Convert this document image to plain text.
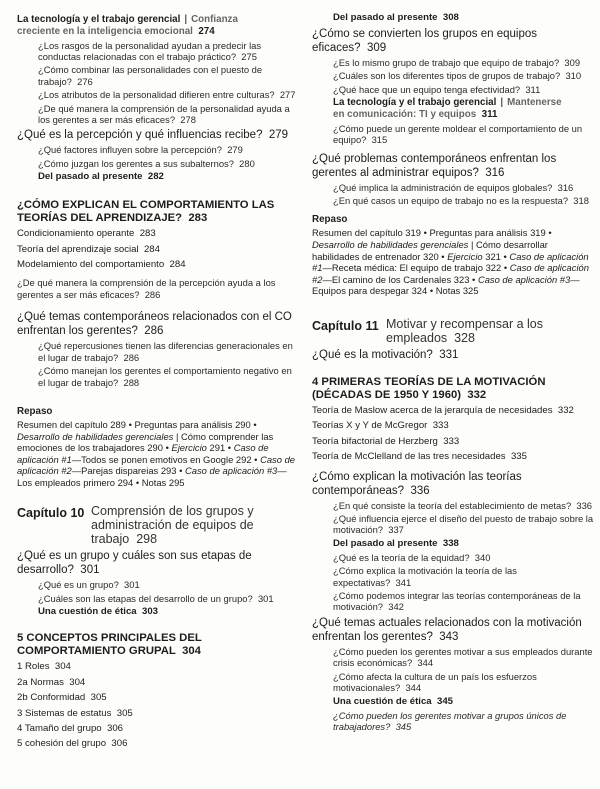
La tecnología y el trabajo gerencial | Confianza
creciente en la inteligencia emocional 274
¿Los rasgos de la personalidad ayudan a predecir las conductas relacionadas con el trabajo práctico? 275
¿Cómo combinar las personalidades con el puesto de trabajo? 276
¿Los atributos de la personalidad difieren entre culturas? 277
¿De qué manera la comprensión de la personalidad ayuda a los gerentes a ser más eficaces? 278
¿Qué es la percepción y qué influencias recibe? 279
¿Qué factores influyen sobre la percepción? 279
¿Cómo juzgan los gerentes a sus subalternos? 280
Del pasado al presente 282
¿CÓMO EXPLICAN EL COMPORTAMIENTO LAS TEORÍAS DEL APRENDIZAJE? 283
Condicionamiento operante 283
Teoría del aprendizaje social 284
Modelamiento del comportamiento 284
¿De qué manera la comprensión de la percepción ayuda a los gerentes a ser más eficaces? 286
¿Qué temas contemporáneos relacionados con el CO enfrentan los gerentes? 286
¿Qué repercusiones tienen las diferencias generacionales en el lugar de trabajo? 286
¿Cómo manejan los gerentes el comportamiento negativo en el lugar de trabajo? 288
Repaso
Resumen del capítulo 289 • Preguntas para análisis 290 • Desarrollo de habilidades gerenciales | Cómo comprender las emociones de los trabajadores 290 • Ejercicio 291 • Caso de aplicación #1—Todos se ponen emotivos en Google 292 • Caso de aplicación #2—Parejas dispareias 293 • Caso de aplicación #3—Los empleados primero 294 • Notas 295
Capítulo 10 Comprensión de los grupos y administración de equipos de trabajo 298
¿Qué es un grupo y cuáles son sus etapas de desarrollo? 301
¿Qué es un grupo? 301
¿Cuáles son las etapas del desarrollo de un grupo? 301
Una cuestión de ética 303
5 CONCEPTOS PRINCIPALES DEL COMPORTAMIENTO GRUPAL 304
1 Roles 304
2a Normas 304
2b Conformidad 305
3 Sistemas de estatus 305
4 Tamaño del grupo 306
5 cohesión del grupo 306
Del pasado al presente 308
¿Cómo se convierten los grupos en equipos eficaces? 309
¿Es lo mismo grupo de trabajo que equipo de trabajo? 309
¿Cuáles son los diferentes tipos de grupos de trabajo? 310
¿Qué hace que un equipo tenga efectividad? 311
La tecnología y el trabajo gerencial | Mantenerse
en comunicación: TI y equipos 311
¿Cómo puede un gerente moldear el comportamiento de un equipo? 315
¿Qué problemas contemporáneos enfrentan los gerentes al administrar equipos? 316
¿Qué implica la administración de equipos globales? 316
¿En qué casos un equipo de trabajo no es la respuesta? 318
Repaso
Resumen del capítulo 319 • Preguntas para análisis 319 • Desarrollo de habilidades gerenciales | Cómo desarrollar habilidades de entrenador 320 • Ejercicio 321 • Caso de aplicación #1—Receta médica: El equipo de trabajo 322 • Caso de aplicación #2—El camino de los Cardenales 323 • Caso de aplicación #3—Equipos para despegar 324 • Notas 325
Capítulo 11 Motivar y recompensar a los empleados 328
¿Qué es la motivación? 331
4 PRIMERAS TEORÍAS DE LA MOTIVACIÓN (DÉCADAS DE 1950 Y 1960) 332
Teoría de Maslow acerca de la jerarquía de necesidades 332
Teorías X y Y de McGregor 333
Teoría bifactorial de Herzberg 333
Teoría de McClelland de las tres necesidades 335
¿Cómo explican la motivación las teorías contemporáneas? 336
¿En qué consiste la teoría del establecimiento de metas? 336
¿Qué influencia ejerce el diseño del puesto de trabajo sobre la motivación? 337
Del pasado al presente 338
¿Qué es la teoría de la equidad? 340
¿Cómo explica la motivación la teoría de las expectativas? 341
¿Cómo podemos integrar las teorías contemporáneas de la motivación? 342
¿Qué temas actuales relacionados con la motivación enfrentan los gerentes? 343
¿Cómo pueden los gerentes motivar a sus empleados durante crisis económicas? 344
¿Cómo afecta la cultura de un país los esfuerzos motivacionales? 344
Una cuestión de ética 345
¿Cómo pueden los gerentes motivar a grupos únicos de trabajadores? 345
